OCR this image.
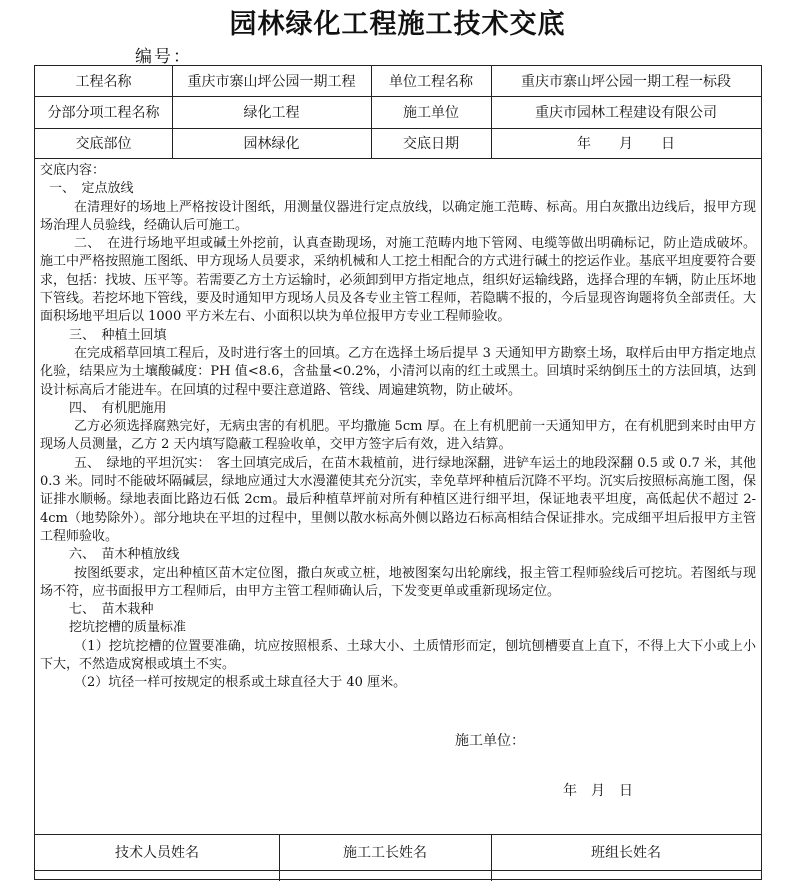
园林绿化工程施工技术交底
编号：
工程名称	重庆市寨山坪公园一期工程	单位工程名称	重庆市寨山坪公园一期工程一标段
分部分项工程名称	绿化工程	施工单位	重庆市园林工程建设有限公司
交底部位	园林绿化	交底日期	年　　月　　日

交底内容：

一、　定点放线

在清理好的场地上严格按设计图纸，用测量仪器进行定点放线，以确定施工范畴、标高。用白灰撒出边线后，报甲方现场治理人员验线，经确认后可施工。

二、　在进行场地平坦或碱土外挖前，认真查勘现场，对施工范畴内地下管网、电缆等做出明确标记，防止造成破坏。施工中严格按照施工图纸、甲方现场人员要求，采纳机械和人工挖土相配合的方式进行碱土的挖运作业。基底平坦度要符合要求，包括：找坡、压平等。若需要乙方土方运输时，必须卸到甲方指定地点，组织好运输线路，选择合理的车辆，防止压坏地下管线。若挖坏地下管线，要及时通知甲方现场人员及各专业主管工程师，若隐瞒不报的，今后显现咨询题将负全部责任。大面积场地平坦后以 1000 平方米左右、小面积以块为单位报甲方专业工程师验收。

三、　种植土回填

在完成稻草回填工程后，及时进行客土的回填。乙方在选择土场后提早 3 天通知甲方勘察土场，取样后由甲方指定地点化验，结果应为土壤酸碱度：PH 值<8.6，含盐量<0.2%，小清河以南的红土或黑土。回填时采纳倒压土的方法回填，达到设计标高后才能进车。在回填的过程中要注意道路、管线、周遍建筑物，防止破坏。

四、　有机肥施用

乙方必须选择腐熟完好，无病虫害的有机肥。平均撒施 5cm 厚。在上有机肥前一天通知甲方，在有机肥到来时由甲方现场人员测量，乙方 2 天内填写隐蔽工程验收单，交甲方签字后有效，进入结算。

五、　绿地的平坦沉实：　客土回填完成后，在苗木栽植前，进行绿地深翻，进铲车运土的地段深翻 0.5 或 0.7 米，其他 0.3 米。同时不能破坏隔碱层，绿地应通过大水漫灌使其充分沉实，幸免草坪种植后沉降不平均。沉实后按照标高施工图，保证排水顺畅。绿地表面比路边石低 2cm。最后种植草坪前对所有种植区进行细平坦，保证地表平坦度，高低起伏不超过 2-4cm（地势除外）。部分地块在平坦的过程中，里侧以散水标高外侧以路边石标高相结合保证排水。完成细平坦后报甲方主管工程师验收。

六、　苗木种植放线

按图纸要求，定出种植区苗木定位图，撒白灰或立桩，地被图案勾出轮廓线，报主管工程师验线后可挖坑。若图纸与现场不符，应书面报甲方工程师后，由甲方主管工程师确认后，下发变更单或重新现场定位。

七、　苗木栽种

挖坑挖槽的质量标准

（1）挖坑挖槽的位置要准确，坑应按照根系、土球大小、土质情形而定，刨坑刨槽要直上直下，不得上大下小或上小下大，不然造成窝根或填土不实。

（2）坑径一样可按规定的根系或土球直径大于 40 厘米。

施工单位：
年　月　日
技术人员姓名	施工工长姓名	班组长姓名
